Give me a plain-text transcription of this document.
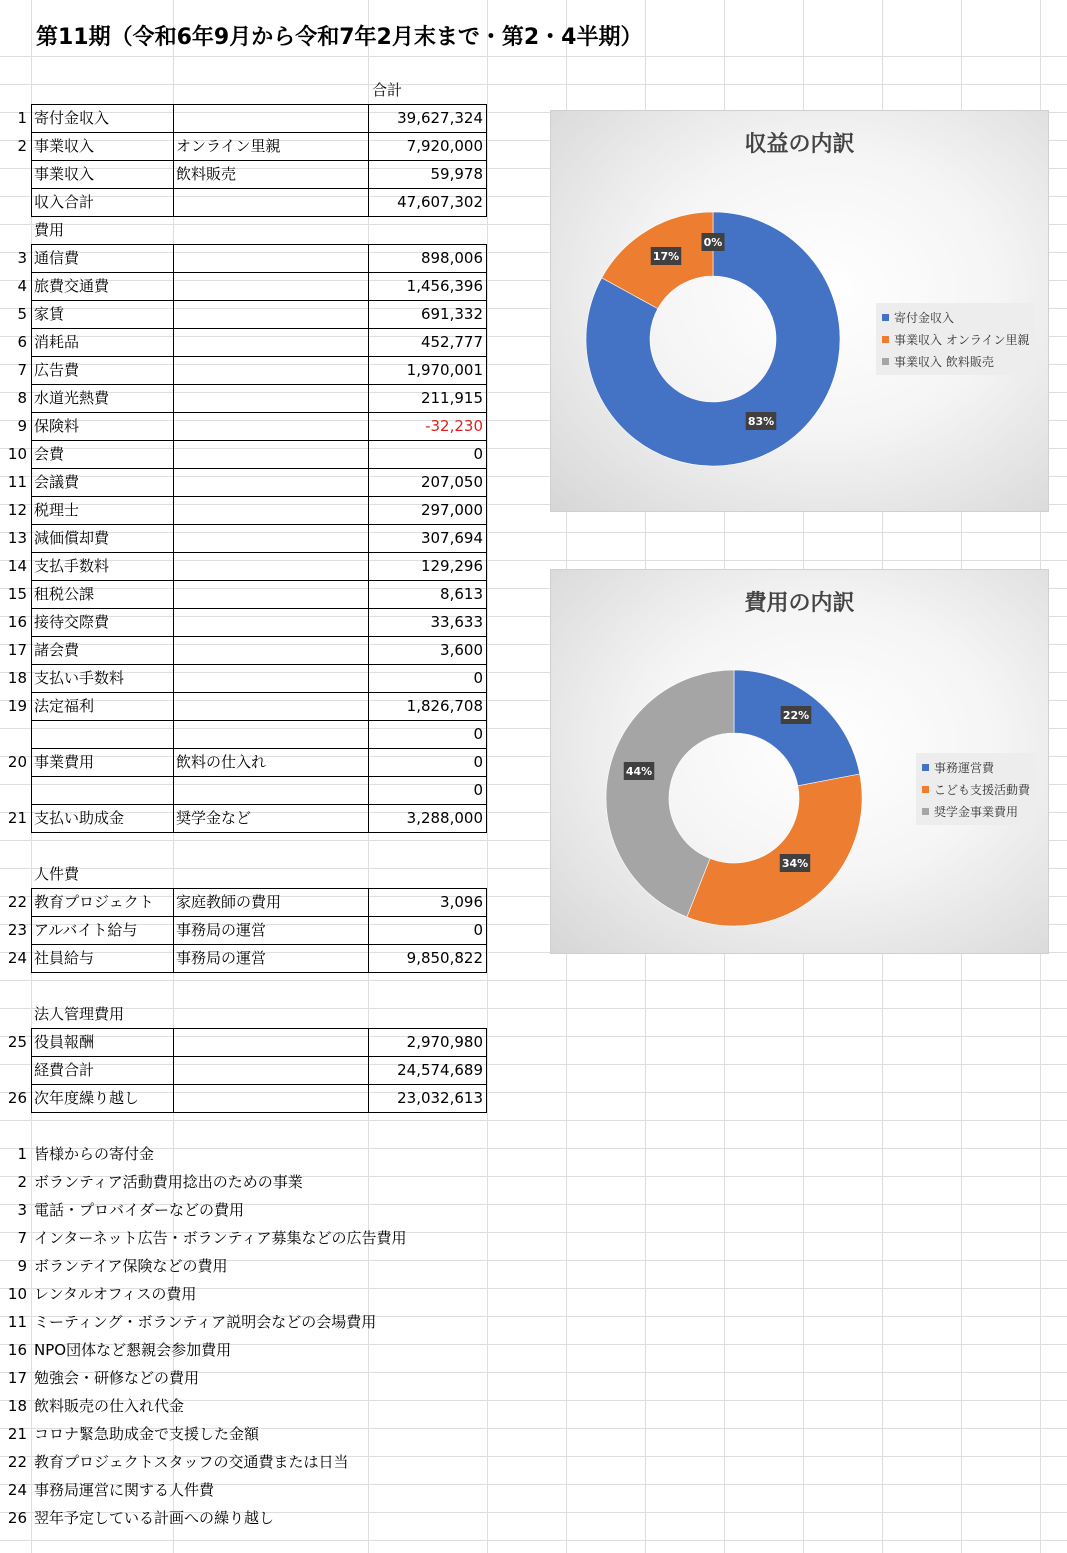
第11期（令和6年9月から令和7年2月末まで・第2・4半期）
合計
1 寄付金収入	39,627,324
2 事業収入	オンライン里親	7,920,000
事業収入	飲料販売	59,978
収入合計	47,607,302
費用
3 通信費	898,006
4 旅費交通費	1,456,396
5 家賃	691,332
6 消耗品	452,777
7 広告費	1,970,001
8 水道光熱費	211,915
9 保険料	-32,230
10 会費	0
11 会議費	207,050
12 税理士	297,000
13 減価償却費	307,694
14 支払手数料	129,296
15 租税公課	8,613
16 接待交際費	33,633
17 諸会費	3,600
18 支払い手数料	0
19 法定福利	1,826,708
0
20 事業費用	飲料の仕入れ	0
0
21 支払い助成金	奨学金など	3,288,000
人件費
22 教育プロジェクト	家庭教師の費用	3,096
23 アルバイト給与	事務局の運営	0
24 社員給与	事務局の運営	9,850,822
法人管理費用
25 役員報酬	2,970,980
経費合計	24,574,689
26 次年度繰り越し	23,032,613
1 皆様からの寄付金
2 ボランティア活動費用捻出のための事業
3 電話・プロバイダーなどの費用
7 インターネット広告・ボランティア募集などの広告費用
9 ボランテイア保険などの費用
10 レンタルオフィスの費用
11 ミーティング・ボランティア説明会などの会場費用
16 NPO団体など懇親会参加費用
17 勉強会・研修などの費用
18 飲料販売の仕入れ代金
21 コロナ緊急助成金で支援した金額
22 教育プロジェクトスタッフの交通費または日当
24 事務局運営に関する人件費
26 翌年予定している計画への繰り越し
収益の内訳
83%
17%
0%
寄付金収入
事業収入 オンライン里親
事業収入 飲料販売
費用の内訳
22%
34%
44%	事務運営費
こども支援活動費
奨学金事業費用
